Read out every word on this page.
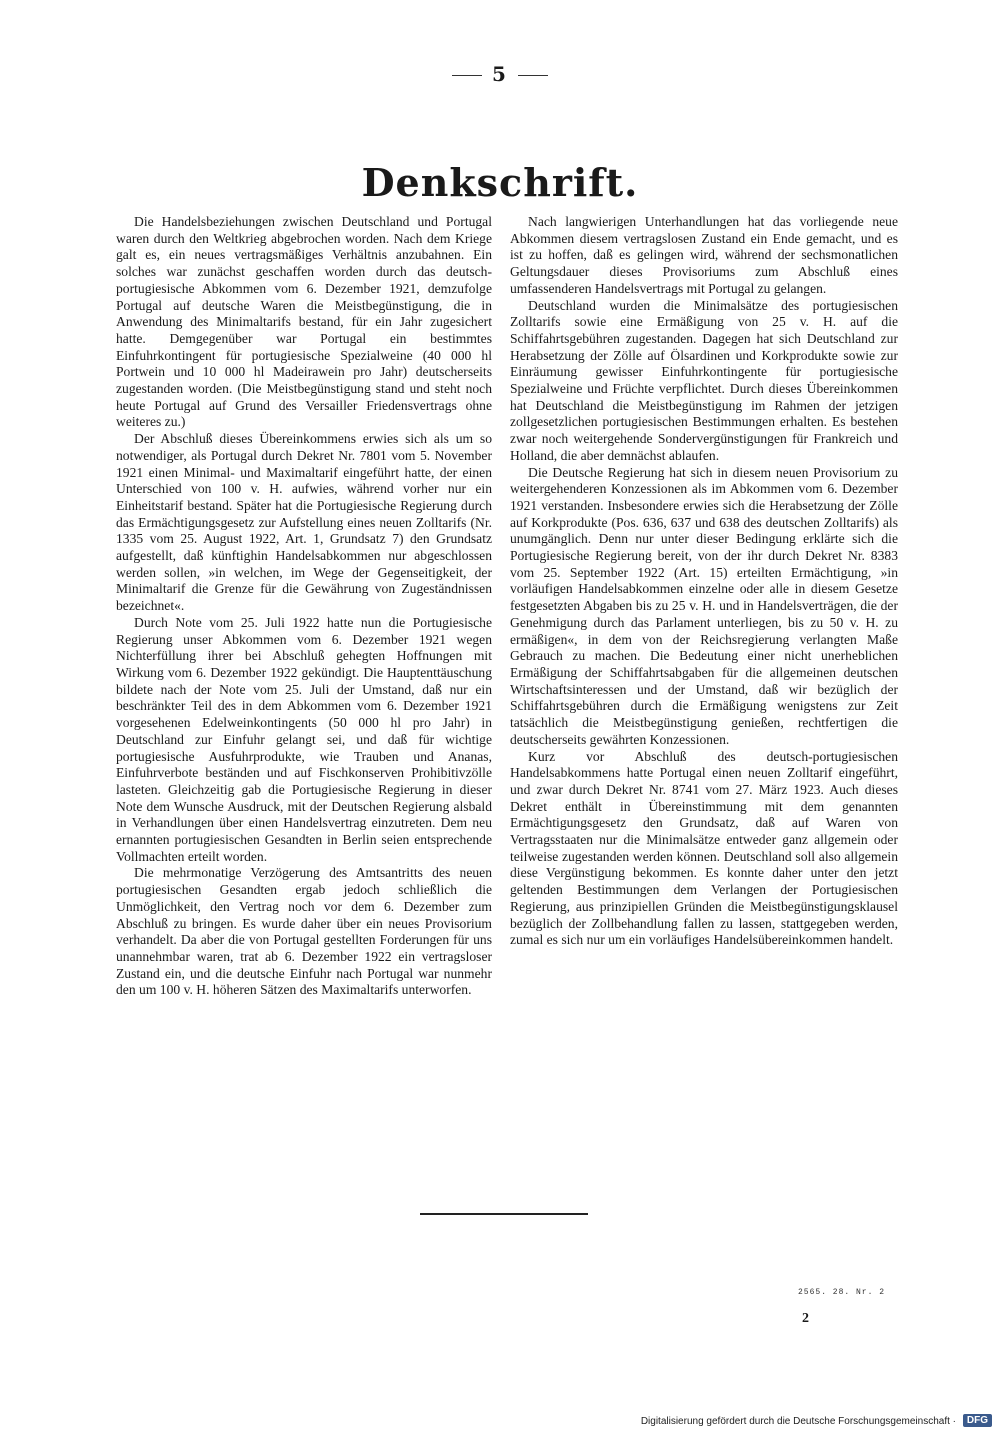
5
Denkschrift.

Die Handelsbeziehungen zwischen Deutschland und Portugal waren durch den Weltkrieg abgebrochen worden. Nach dem Kriege galt es, ein neues vertragsmäßiges Verhältnis anzubahnen. Ein solches war zunächst geschaffen worden durch das deutsch-portugiesische Abkommen vom 6. Dezember 1921, demzufolge Portugal auf deutsche Waren die Meistbegünstigung, die in Anwendung des Minimaltarifs bestand, für ein Jahr zugesichert hatte. Demgegenüber war Portugal ein bestimmtes Einfuhrkontingent für portugiesische Spezialweine (40 000 hl Portwein und 10 000 hl Madeirawein pro Jahr) deutscherseits zugestanden worden. (Die Meistbegünstigung stand und steht noch heute Portugal auf Grund des Versailler Friedensvertrags ohne weiteres zu.)

Der Abschluß dieses Übereinkommens erwies sich als um so notwendiger, als Portugal durch Dekret Nr. 7801 vom 5. November 1921 einen Minimal- und Maximaltarif eingeführt hatte, der einen Unterschied von 100 v. H. aufwies, während vorher nur ein Einheitstarif bestand. Später hat die Portugiesische Regierung durch das Ermächtigungsgesetz zur Aufstellung eines neuen Zolltarifs (Nr. 1335 vom 25. August 1922, Art. 1, Grundsatz 7) den Grundsatz aufgestellt, daß künftighin Handelsabkommen nur abgeschlossen werden sollen, »in welchen, im Wege der Gegenseitigkeit, der Minimaltarif die Grenze für die Gewährung von Zugeständnissen bezeichnet«.

Durch Note vom 25. Juli 1922 hatte nun die Portugiesische Regierung unser Abkommen vom 6. Dezember 1921 wegen Nichterfüllung ihrer bei Abschluß gehegten Hoffnungen mit Wirkung vom 6. Dezember 1922 gekündigt. Die Hauptenttäuschung bildete nach der Note vom 25. Juli der Umstand, daß nur ein beschränkter Teil des in dem Abkommen vom 6. Dezember 1921 vorgesehenen Edelweinkontingents (50 000 hl pro Jahr) in Deutschland zur Einfuhr gelangt sei, und daß für wichtige portugiesische Ausfuhrprodukte, wie Trauben und Ananas, Einfuhrverbote beständen und auf Fischkonserven Prohibitivzölle lasteten. Gleichzeitig gab die Portugiesische Regierung in dieser Note dem Wunsche Ausdruck, mit der Deutschen Regierung alsbald in Verhandlungen über einen Handelsvertrag einzutreten. Dem neu ernannten portugiesischen Gesandten in Berlin seien entsprechende Vollmachten erteilt worden.

Die mehrmonatige Verzögerung des Amtsantritts des neuen portugiesischen Gesandten ergab jedoch schließlich die Unmöglichkeit, den Vertrag noch vor dem 6. Dezember zum Abschluß zu bringen. Es wurde daher über ein neues Provisorium verhandelt. Da aber die von Portugal gestellten Forderungen für uns unannehmbar waren, trat ab 6. Dezember 1922 ein vertragsloser Zustand ein, und die deutsche Einfuhr nach Portugal war nunmehr den um 100 v. H. höheren Sätzen des Maximaltarifs unterworfen.

Nach langwierigen Unterhandlungen hat das vorliegende neue Abkommen diesem vertragslosen Zustand ein Ende gemacht, und es ist zu hoffen, daß es gelingen wird, während der sechsmonatlichen Geltungsdauer dieses Provisoriums zum Abschluß eines umfassenderen Handelsvertrags mit Portugal zu gelangen.

Deutschland wurden die Minimalsätze des portugiesischen Zolltarifs sowie eine Ermäßigung von 25 v. H. auf die Schiffahrtsgebühren zugestanden. Dagegen hat sich Deutschland zur Herabsetzung der Zölle auf Ölsardinen und Korkprodukte sowie zur Einräumung gewisser Einfuhrkontingente für portugiesische Spezialweine und Früchte verpflichtet. Durch dieses Übereinkommen hat Deutschland die Meistbegünstigung im Rahmen der jetzigen zollgesetzlichen portugiesischen Bestimmungen erhalten. Es bestehen zwar noch weitergehende Sondervergünstigungen für Frankreich und Holland, die aber demnächst ablaufen.

Die Deutsche Regierung hat sich in diesem neuen Provisorium zu weitergehenderen Konzessionen als im Abkommen vom 6. Dezember 1921 verstanden. Insbesondere erwies sich die Herabsetzung der Zölle auf Korkprodukte (Pos. 636, 637 und 638 des deutschen Zolltarifs) als unumgänglich. Denn nur unter dieser Bedingung erklärte sich die Portugiesische Regierung bereit, von der ihr durch Dekret Nr. 8383 vom 25. September 1922 (Art. 15) erteilten Ermächtigung, »in vorläufigen Handelsabkommen einzelne oder alle in diesem Gesetze festgesetzten Abgaben bis zu 25 v. H. und in Handelsverträgen, die der Genehmigung durch das Parlament unterliegen, bis zu 50 v. H. zu ermäßigen«, in dem von der Reichsregierung verlangten Maße Gebrauch zu machen. Die Bedeutung einer nicht unerheblichen Ermäßigung der Schiffahrtsabgaben für die allgemeinen deutschen Wirtschaftsinteressen und der Umstand, daß wir bezüglich der Schiffahrtsgebühren durch die Ermäßigung wenigstens zur Zeit tatsächlich die Meistbegünstigung genießen, rechtfertigen die deutscherseits gewährten Konzessionen.

Kurz vor Abschluß des deutsch-portugiesischen Handelsabkommens hatte Portugal einen neuen Zolltarif eingeführt, und zwar durch Dekret Nr. 8741 vom 27. März 1923. Auch dieses Dekret enthält in Übereinstimmung mit dem genannten Ermächtigungsgesetz den Grundsatz, daß auf Waren von Vertragsstaaten nur die Minimalsätze entweder ganz allgemein oder teilweise zugestanden werden können. Deutschland soll also allgemein diese Vergünstigung bekommen. Es konnte daher unter den jetzt geltenden Bestimmungen dem Verlangen der Portugiesischen Regierung, aus prinzipiellen Gründen die Meistbegünstigungsklausel bezüglich der Zollbehandlung fallen zu lassen, stattgegeben werden, zumal es sich nur um ein vorläufiges Handelsübereinkommen handelt.

2565. 28. Nr. 2
2
Digitalisierung gefördert durch die Deutsche Forschungsgemeinschaft ·	DFG
